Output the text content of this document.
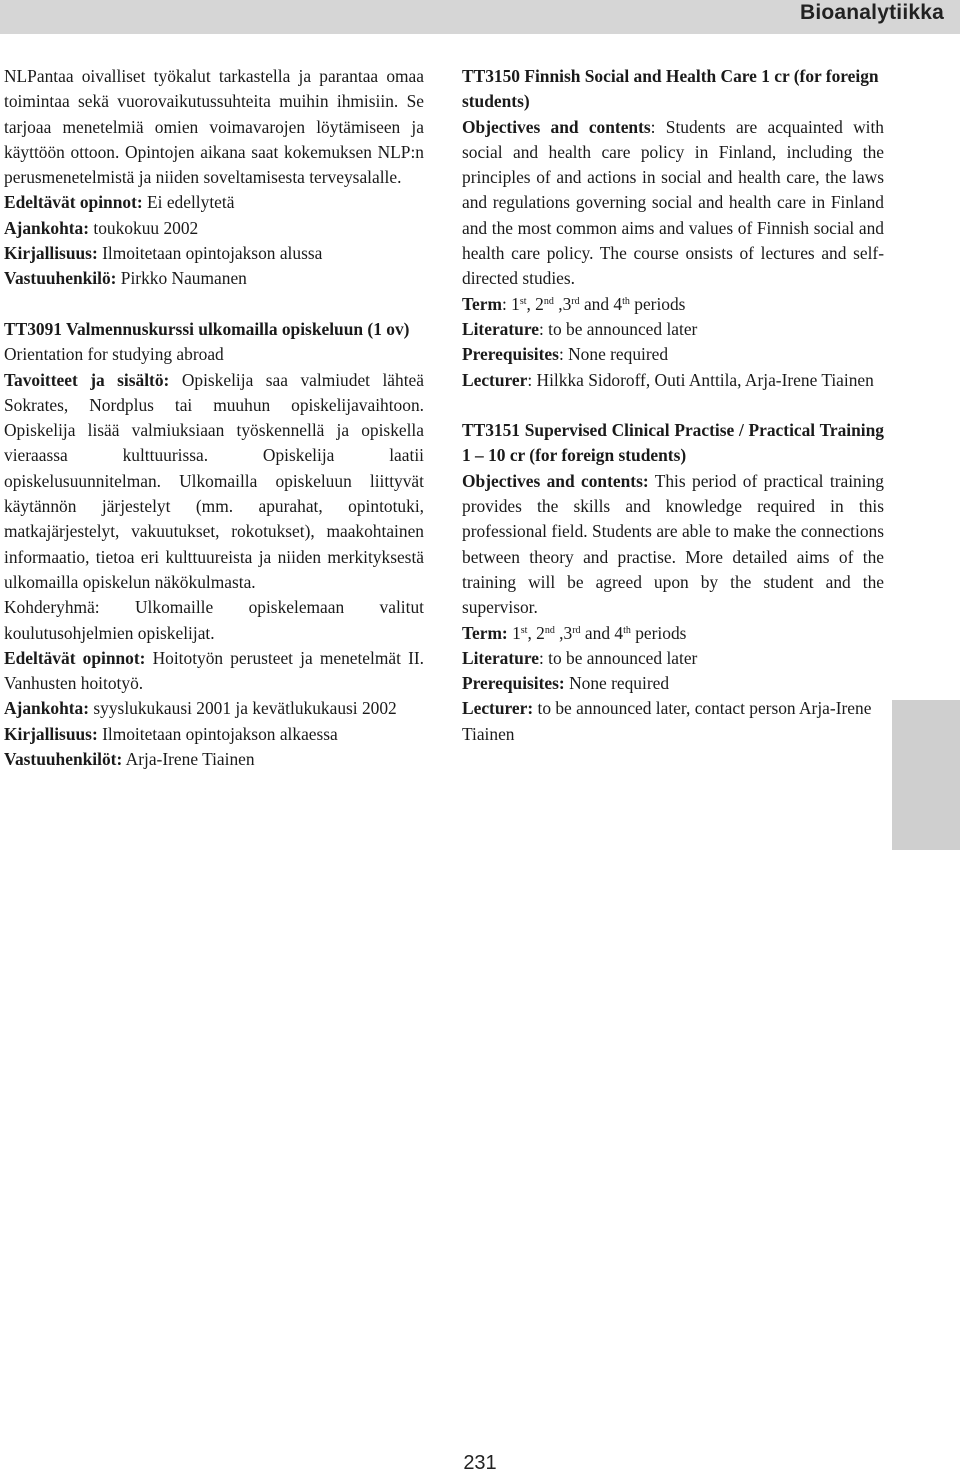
Bioanalytiikka

NLPantaa oivalliset työkalut tarkastella ja parantaa omaa toimintaa sekä vuorovaikutussuhteita muihin ihmisiin. Se tarjoaa menetelmiä omien voimavarojen löytämiseen ja käyttöön ottoon. Opintojen aikana saat kokemuksen NLP:n perusmenetelmistä ja niiden soveltamisesta terveysalalle.

Edeltävät opinnot: Ei edellytetä

Ajankohta: toukokuu 2002

Kirjallisuus: Ilmoitetaan opintojakson alussa

Vastuuhenkilö: Pirkko Naumanen

TT3091 Valmennuskurssi ulkomailla opiskeluun (1 ov)

Orientation for studying abroad

Tavoitteet ja sisältö: Opiskelija saa valmiudet lähteä Sokrates, Nordplus tai muuhun opiskelijavaihtoon. Opiskelija lisää valmiuksiaan työskennellä ja opiskella vieraassa kulttuurissa. Opiskelija laatii opiskelusuunnitelman. Ulkomailla opiskeluun liittyvät käytännön järjestelyt (mm. apurahat, opintotuki, matkajärjestelyt, vakuutukset, rokotukset), maakohtainen informaatio, tietoa eri kulttuureista ja niiden merkityksestä ulkomailla opiskelun näkökulmasta.

Kohderyhmä: Ulkomaille opiskelemaan valitut koulutusohjelmien opiskelijat.

Edeltävät opinnot: Hoitotyön perusteet ja menetelmät II. Vanhusten hoitotyö.

Ajankohta: syyslukukausi 2001 ja kevätlukukausi 2002

Kirjallisuus: Ilmoitetaan opintojakson alkaessa

Vastuuhenkilöt: Arja-Irene Tiainen

TT3150 Finnish Social and Health Care 1 cr (for foreign students)

Objectives and contents: Students are acquainted with social and health care policy in Finland, including the principles of and actions in social and health care, the laws and regulations governing social and health care in Finland and the most common aims and values of Finnish social and health care policy. The course onsists of lectures and self-directed studies.

Term: 1st, 2nd ,3rd and 4th periods

Literature: to be announced later

Prerequisites: None required

Lecturer: Hilkka Sidoroff, Outi Anttila, Arja-Irene Tiainen

TT3151 Supervised Clinical Practise / Practical Training 1 – 10 cr (for foreign students)

Objectives and contents: This period of practical training provides the skills and knowledge required in this professional field. Students are able to make the connections between theory and practise. More detailed aims of the training will be agreed upon by the student and the supervisor.

Term: 1st, 2nd ,3rd and 4th periods

Literature: to be announced later

Prerequisites: None required

Lecturer: to be announced later, contact person Arja-Irene Tiainen

231
